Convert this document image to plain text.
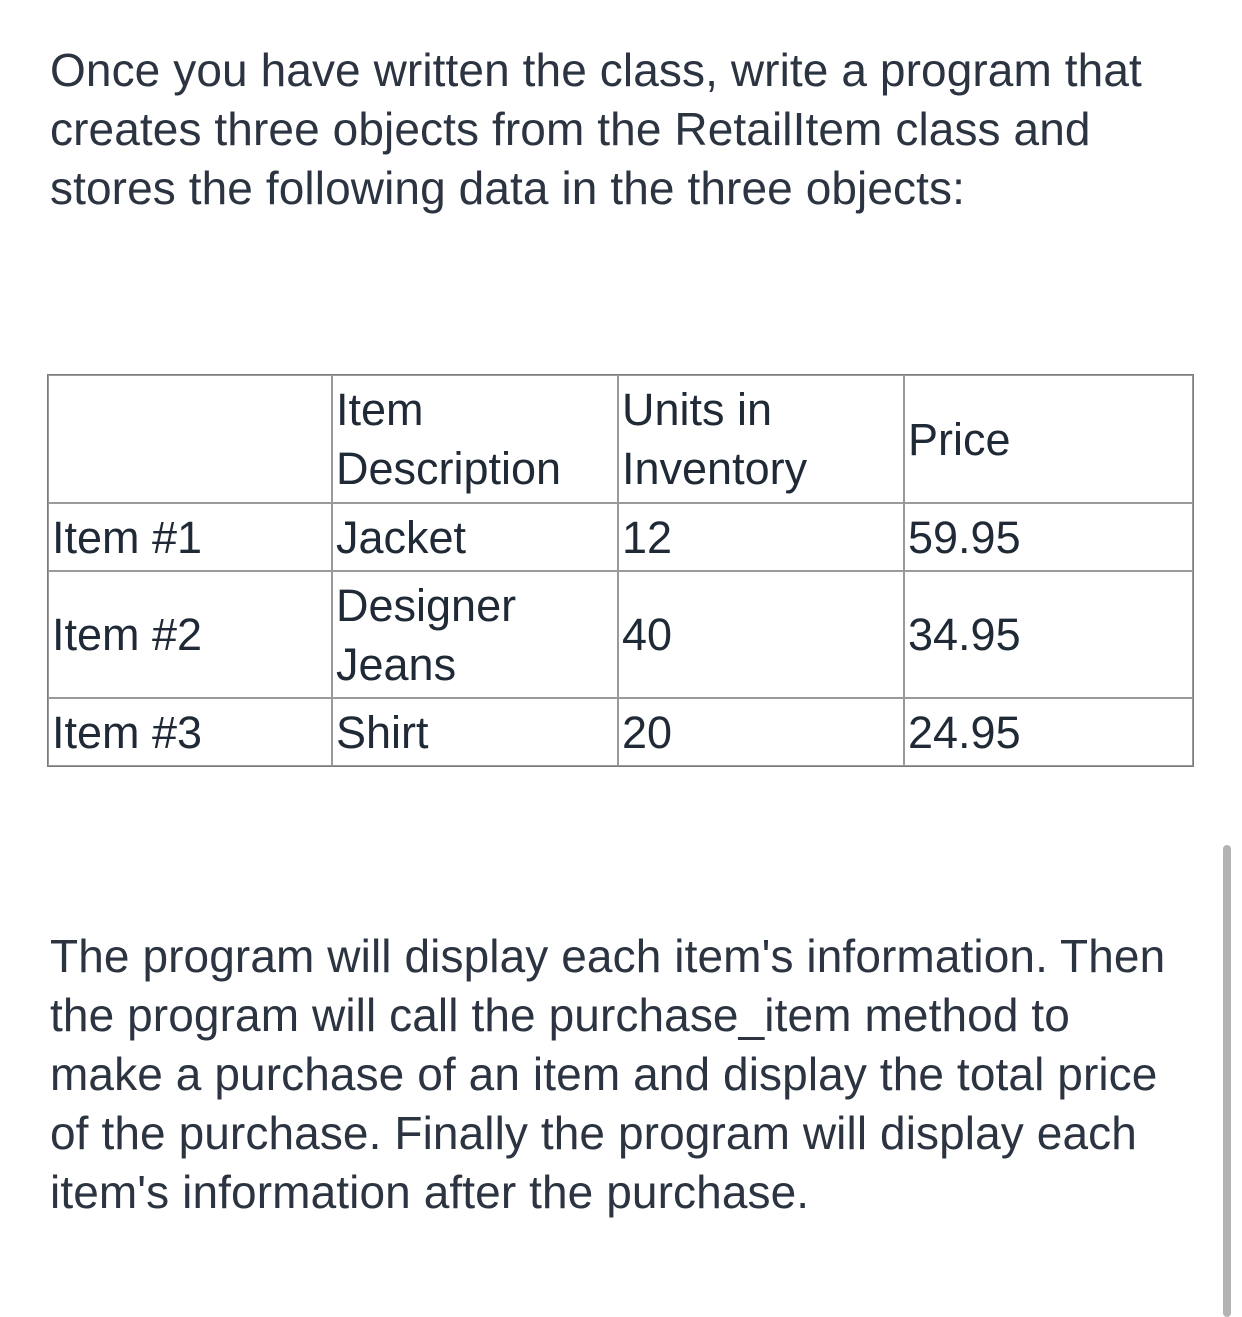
Once you have written the class, write a program that creates three objects from the RetailItem class and stores the following data in the three objects:

	Item Description	Units in Inventory	Price

Item #1	Jacket	12	59.95

Item #2	Designer Jeans	40	34.95

Item #3	Shirt	20	24.95

The program will display each item's information. Then the program will call the purchase_item method to make a purchase of an item and display the total price of the purchase. Finally the program will display each item's information after the purchase.
